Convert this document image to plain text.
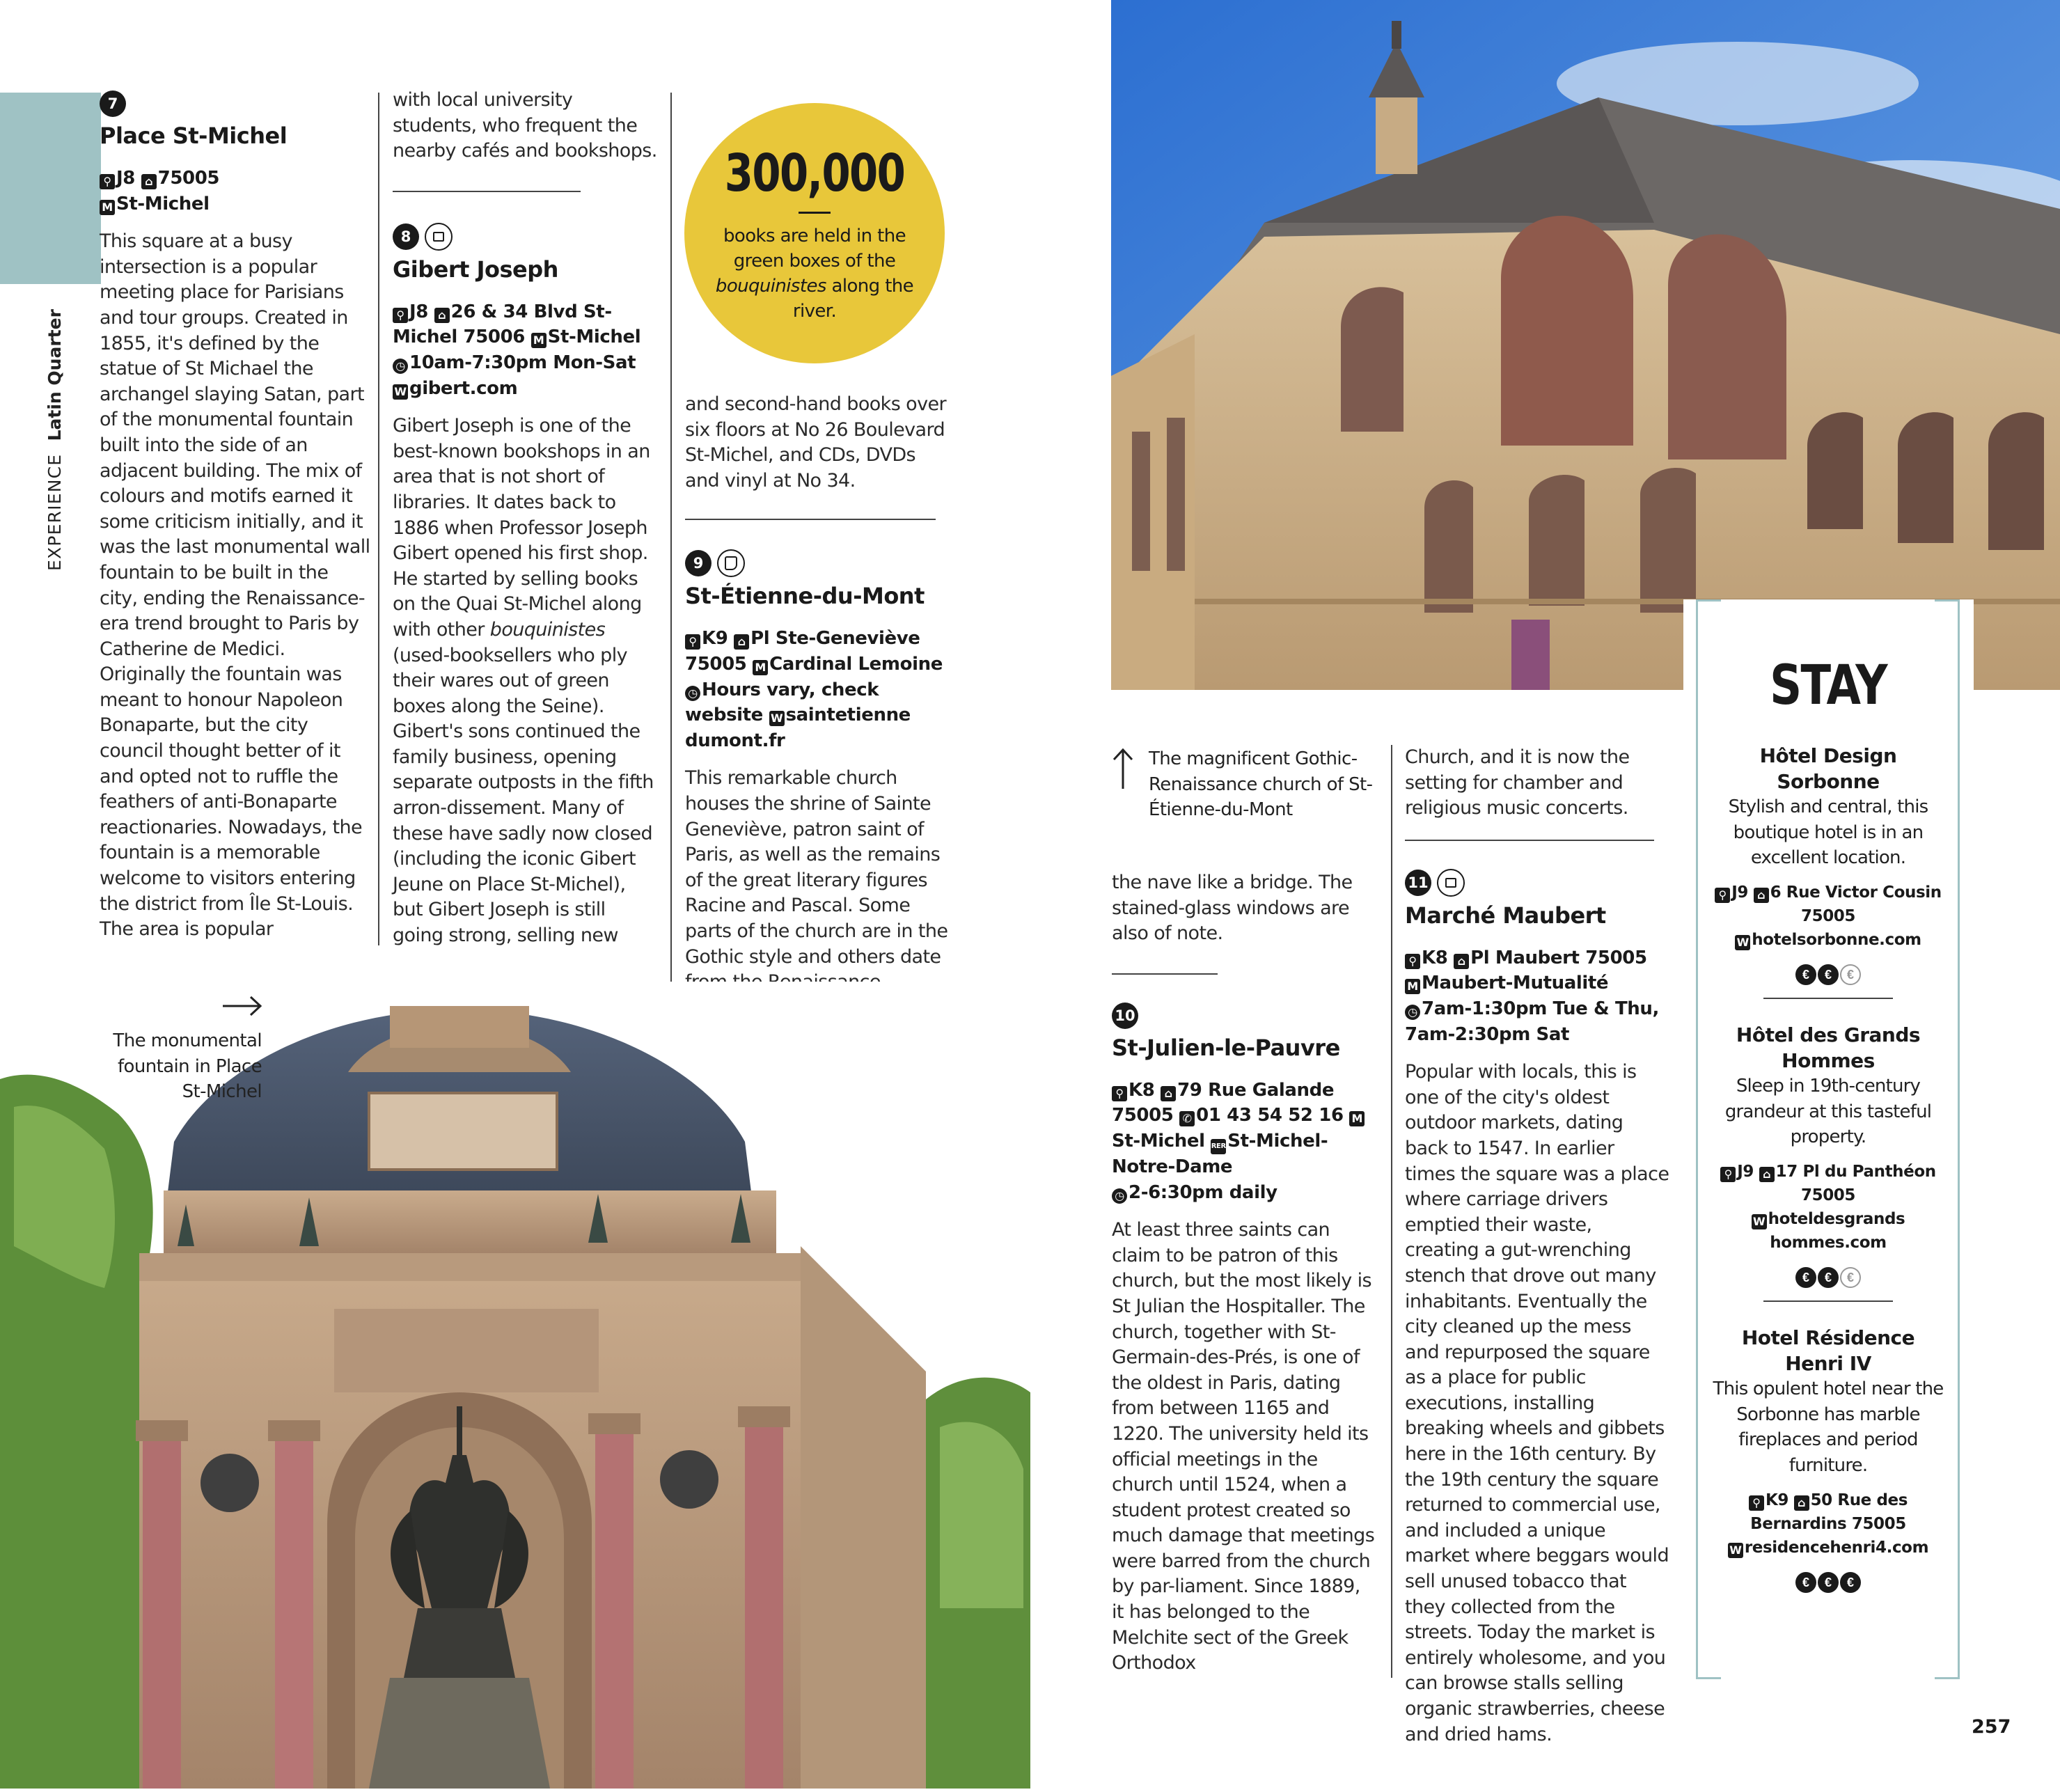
EXPERIENCE  Latin Quarter
7
Place St-Michel
⚲ J8 ⌂ 75005
M St-Michel
This square at a busy intersection is a popular meeting place for Parisians and tour groups. Created in 1855, it's defined by the statue of St Michael the archangel slaying Satan, part of the monumental fountain built into the side of an adjacent building. The mix of colours and motifs earned it some criticism initially, and it was the last monumental wall fountain to be built in the city, ending the Renaissance-era trend brought to Paris by Catherine de Medici. Originally the fountain was meant to honour Napoleon Bonaparte, but the city council thought better of it and opted not to ruffle the feathers of anti-Bonaparte reactionaries. Nowadays, the fountain is a memorable welcome to visitors entering the district from Île St-Louis. The area is popular
with local university students, who frequent the nearby cafés and bookshops.
8
Gibert Joseph
⚲ J8 ⌂ 26 & 34 Blvd St-Michel 75006 M St-Michel
◷ 10am-7:30pm Mon-Sat
W gibert.com
Gibert Joseph is one of the best-known bookshops in an area that is not short of libraries. It dates back to 1886 when Professor Joseph Gibert opened his first shop. He started by selling books on the Quai St-Michel along with other bouquinistes (used-booksellers who ply their wares out of green boxes along the Seine). Gibert's sons continued the family business, opening separate outposts in the fifth arron-dissement. Many of these have sadly now closed (including the iconic Gibert Jeune on Place St-Michel), but Gibert Joseph is still going strong, selling new
300,000
books are held in the green boxes of the bouquinistes along the river.
and second-hand books over six floors at No 26 Boulevard St-Michel, and CDs, DVDs and vinyl at No 34.
9
St-Étienne-du-Mont
⚲ K9 ⌂ Pl Ste-Geneviève 75005 M Cardinal Lemoine
◷ Hours vary, check website W saintetienne dumont.fr
This remarkable church houses the shrine of Sainte Geneviève, patron saint of Paris, as well as the remains of the great literary figures Racine and Pascal. Some parts of the church are in the Gothic style and others date
The monumental fountain in Place St-Michel
The magnificent Gothic-Renaissance church of St-Étienne-du-Mont
the nave like a bridge. The stained-glass windows are also of note.
10
St-Julien-le-Pauvre
⚲ K8 ⌂ 79 Rue Galande 75005 ✆ 01 43 54 52 16 MSt-Michel RERSt-Michel-Notre-Dame
◷ 2-6:30pm daily
At least three saints can claim to be patron of this church, but the most likely is St Julian the Hospitaller. The church, together with St-Germain-des-Prés, is one of the oldest in Paris, dating from between 1165 and 1220. The university held its official meetings in the church until 1524, when a student protest created so much damage that meetings were barred from the church by par-liament. Since 1889, it has belonged to the Melchite sect of the Greek Orthodox
Church, and it is now the setting for chamber and religious music concerts.
11
Marché Maubert
⚲ K8 ⌂ Pl Maubert 75005
M Maubert-Mutualité
◷ 7am-1:30pm Tue & Thu, 7am-2:30pm Sat
Popular with locals, this is one of the city's oldest outdoor markets, dating back to 1547. In earlier times the square was a place where carriage drivers emptied their waste, creating a gut-wrenching stench that drove out many inhabitants. Eventually the city cleaned up the mess and repurposed the square as a place for public executions, installing breaking wheels and gibbets here in the 16th century. By the 19th century the square returned to commercial use, and included a unique market where beggars would sell unused tobacco that they collected from the streets. Today the market is entirely wholesome, and you can browse stalls selling organic strawberries, cheese and dried hams.
STAY
Hôtel Design Sorbonne
Stylish and central, this boutique hotel is in an excellent location.
⚲ J9 ⌂ 6 Rue Victor Cousin 75005
W hotelsorbonne.com
€ € €
Hôtel des Grands Hommes
Sleep in 19th-century grandeur at this tasteful property.
⚲ J9 ⌂ 17 Pl du Panthéon 75005
W hoteldesgrands hommes.com
€ € €
Hotel Résidence Henri IV
This opulent hotel near the Sorbonne has marble fireplaces and period furniture.
⚲ K9 ⌂ 50 Rue des Bernardins 75005
W residencehenri4.com
€ € €
257
